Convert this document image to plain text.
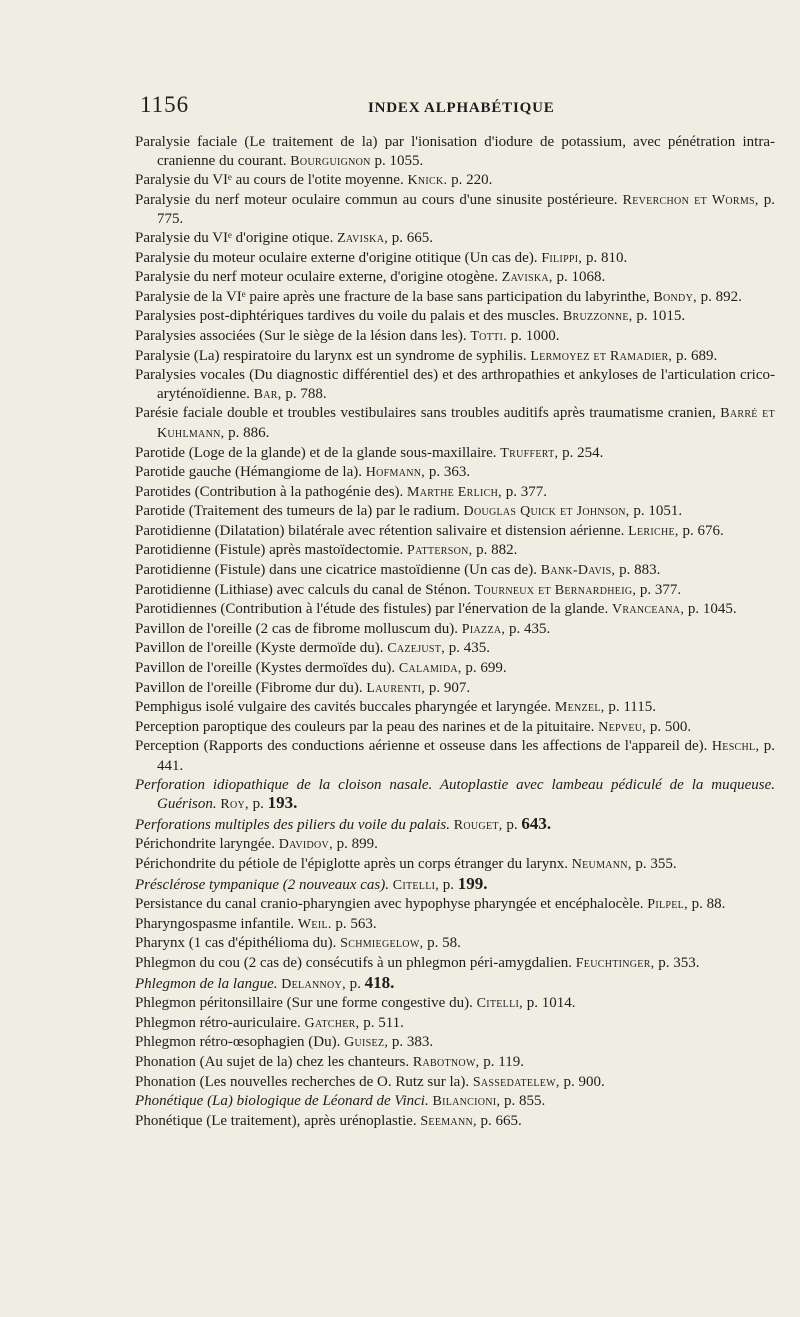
1156	INDEX ALPHABÉTIQUE

Paralysie faciale (Le traitement de la) par l'ionisation d'iodure de potassium, avec pénétration intra-cranienne du courant. Bourguignon p. 1055.

Paralysie du VIᵉ au cours de l'otite moyenne. Knick. p. 220.

Paralysie du nerf moteur oculaire commun au cours d'une sinusite postérieure. Reverchon et Worms, p. 775.

Paralysie du VIᵉ d'origine otique. Zaviska, p. 665.

Paralysie du moteur oculaire externe d'origine otitique (Un cas de). Filippi, p. 810.

Paralysie du nerf moteur oculaire externe, d'origine otogène. Zaviska, p. 1068.

Paralysie de la VIᵉ paire après une fracture de la base sans participation du labyrinthe, Bondy, p. 892.

Paralysies post-diphtériques tardives du voile du palais et des muscles. Bruzzonne, p. 1015.

Paralysies associées (Sur le siège de la lésion dans les). Totti. p. 1000.

Paralysie (La) respiratoire du larynx est un syndrome de syphilis. Lermoyez et Ramadier, p. 689.

Paralysies vocales (Du diagnostic différentiel des) et des arthropathies et ankyloses de l'articulation crico-aryténoïdienne. Bar, p. 788.

Parésie faciale double et troubles vestibulaires sans troubles auditifs après traumatisme cranien, Barré et Kuhlmann, p. 886.

Parotide (Loge de la glande) et de la glande sous-maxillaire. Truffert, p. 254.

Parotide gauche (Hémangiome de la). Hofmann, p. 363.

Parotides (Contribution à la pathogénie des). Marthe Erlich, p. 377.

Parotide (Traitement des tumeurs de la) par le radium. Douglas Quick et Johnson, p. 1051.

Parotidienne (Dilatation) bilatérale avec rétention salivaire et distension aérienne. Leriche, p. 676.

Parotidienne (Fistule) après mastoïdectomie. Patterson, p. 882.

Parotidienne (Fistule) dans une cicatrice mastoïdienne (Un cas de). Bank-Davis, p. 883.

Parotidienne (Lithiase) avec calculs du canal de Sténon. Tourneux et Bernardheig, p. 377.

Parotidiennes (Contribution à l'étude des fistules) par l'énervation de la glande. Vranceana, p. 1045.

Pavillon de l'oreille (2 cas de fibrome molluscum du). Piazza, p. 435.

Pavillon de l'oreille (Kyste dermoïde du). Cazejust, p. 435.

Pavillon de l'oreille (Kystes dermoïdes du). Calamida, p. 699.

Pavillon de l'oreille (Fibrome dur du). Laurenti, p. 907.

Pemphigus isolé vulgaire des cavités buccales pharyngée et laryngée. Menzel, p. 1115.

Perception paroptique des couleurs par la peau des narines et de la pituitaire. Nepveu, p. 500.

Perception (Rapports des conductions aérienne et osseuse dans les affections de l'appareil de). Heschl, p. 441.

Perforation idiopathique de la cloison nasale. Autoplastie avec lambeau pédiculé de la muqueuse. Guérison. Roy, p. 193.

Perforations multiples des piliers du voile du palais. Rouget, p. 643.

Périchondrite laryngée. Davidov, p. 899.

Périchondrite du pétiole de l'épiglotte après un corps étranger du larynx. Neumann, p. 355.

Présclérose tympanique (2 nouveaux cas). Citelli, p. 199.

Persistance du canal cranio-pharyngien avec hypophyse pharyngée et encéphalocèle. Pilpel, p. 88.

Pharyngospasme infantile. Weil. p. 563.

Pharynx (1 cas d'épithélioma du). Schmiegelow, p. 58.

Phlegmon du cou (2 cas de) consécutifs à un phlegmon péri-amygdalien. Feuchtinger, p. 353.

Phlegmon de la langue. Delannoy, p. 418.

Phlegmon péritonsillaire (Sur une forme congestive du). Citelli, p. 1014.

Phlegmon rétro-auriculaire. Gatcher, p. 511.

Phlegmon rétro-œsophagien (Du). Guisez, p. 383.

Phonation (Au sujet de la) chez les chanteurs. Rabotnow, p. 119.

Phonation (Les nouvelles recherches de O. Rutz sur la). Sassedatelew, p. 900.

Phonétique (La) biologique de Léonard de Vinci. Bilancioni, p. 855.

Phonétique (Le traitement), après urénoplastie. Seemann, p. 665.
